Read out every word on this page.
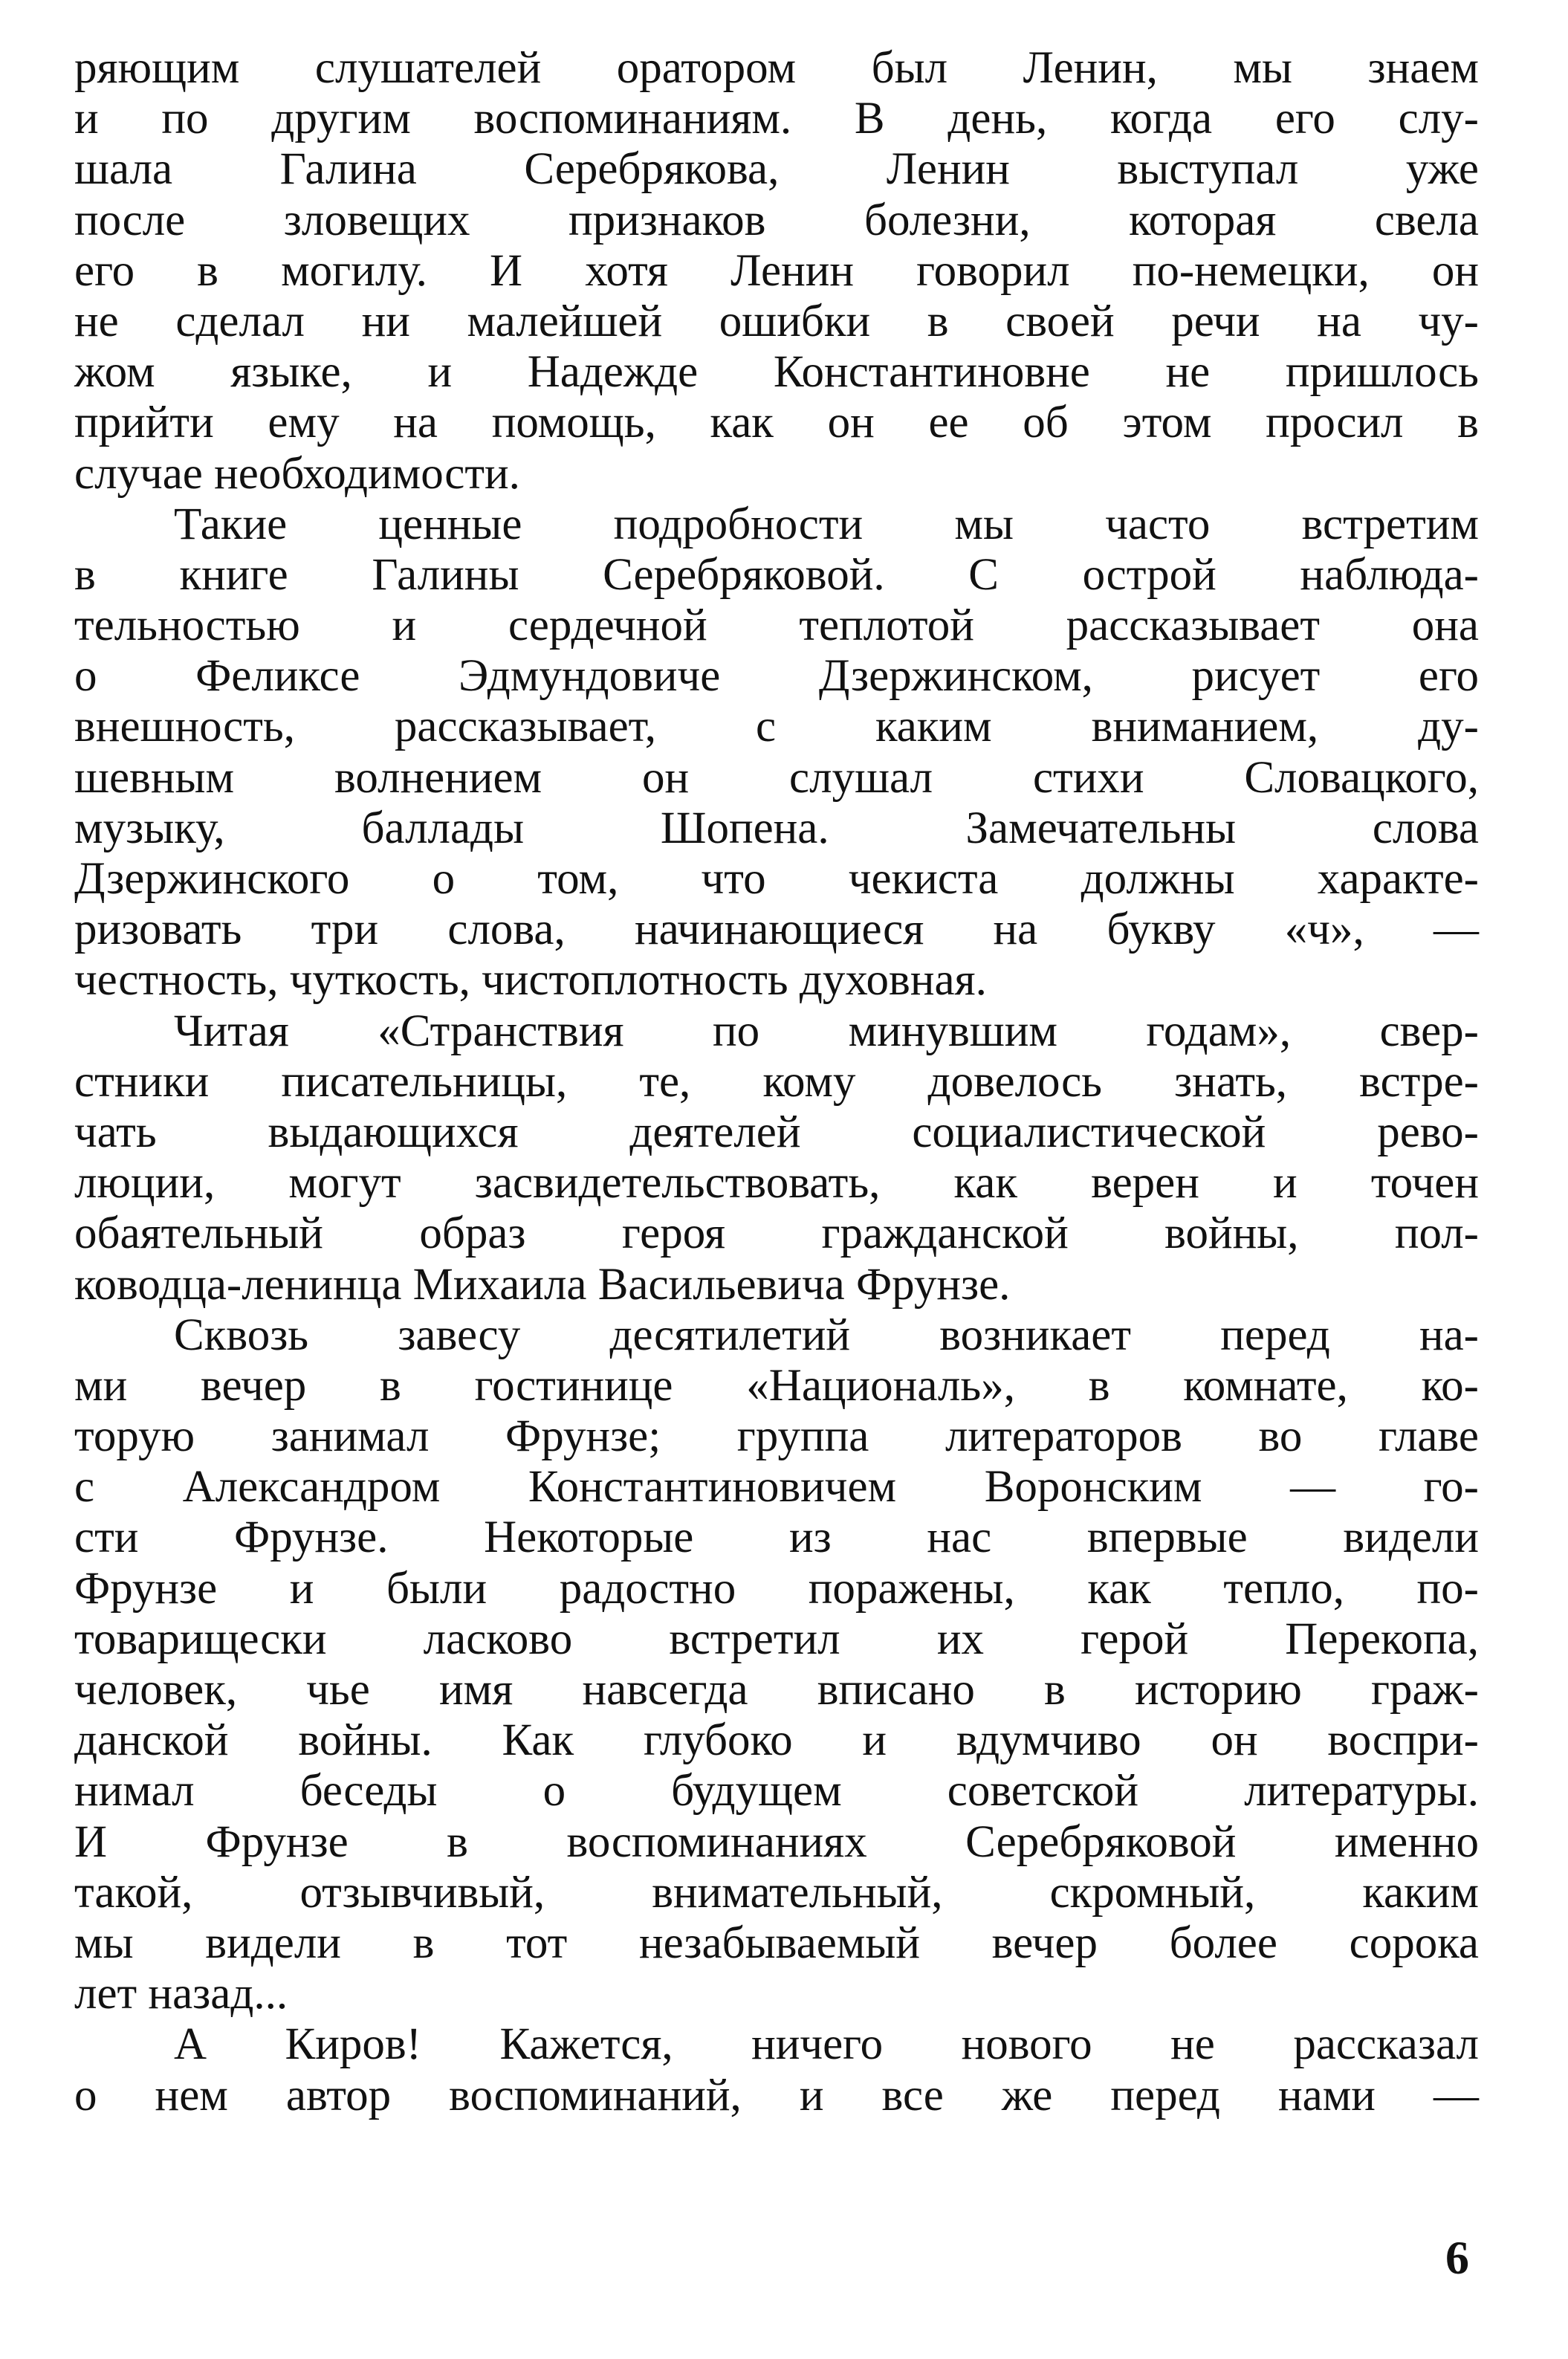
ряющим слушателей оратором был Ленин, мы знаем
и по другим воспоминаниям. В день, когда его слу-
шала Галина Серебрякова, Ленин выступал уже
после зловещих признаков болезни, которая свела
его в могилу. И хотя Ленин говорил по-немецки, он
не сделал ни малейшей ошибки в своей речи на чу-
жом языке, и Надежде Константиновне не пришлось
прийти ему на помощь, как он ее об этом просил в
случае необходимости.
Такие ценные подробности мы часто встретим
в книге Галины Серебряковой. С острой наблюда-
тельностью и сердечной теплотой рассказывает она
о Феликсе Эдмундовиче Дзержинском, рисует его
внешность, рассказывает, с каким вниманием, ду-
шевным волнением он слушал стихи Словацкого,
музыку, баллады Шопена. Замечательны слова
Дзержинского о том, что чекиста должны характе-
ризовать три слова, начинающиеся на букву «ч», —
честность, чуткость, чистоплотность духовная.
Читая «Странствия по минувшим годам», свер-
стники писательницы, те, кому довелось знать, встре-
чать выдающихся деятелей социалистической рево-
люции, могут засвидетельствовать, как верен и точен
обаятельный образ героя гражданской войны, пол-
ководца-ленинца Михаила Васильевича Фрунзе.
Сквозь завесу десятилетий возникает перед на-
ми вечер в гостинице «Националь», в комнате, ко-
торую занимал Фрунзе; группа литераторов во главе
с Александром Константиновичем Воронским — го-
сти Фрунзе. Некоторые из нас впервые видели
Фрунзе и были радостно поражены, как тепло, по-
товарищески ласково встретил их герой Перекопа,
человек, чье имя навсегда вписано в историю граж-
данской войны. Как глубоко и вдумчиво он воспри-
нимал беседы о будущем советской литературы.
И Фрунзе в воспоминаниях Серебряковой именно
такой, отзывчивый, внимательный, скромный, каким
мы видели в тот незабываемый вечер более сорока
лет назад...
А Киров! Кажется, ничего нового не рассказал
о нем автор воспоминаний, и все же перед нами —
6
